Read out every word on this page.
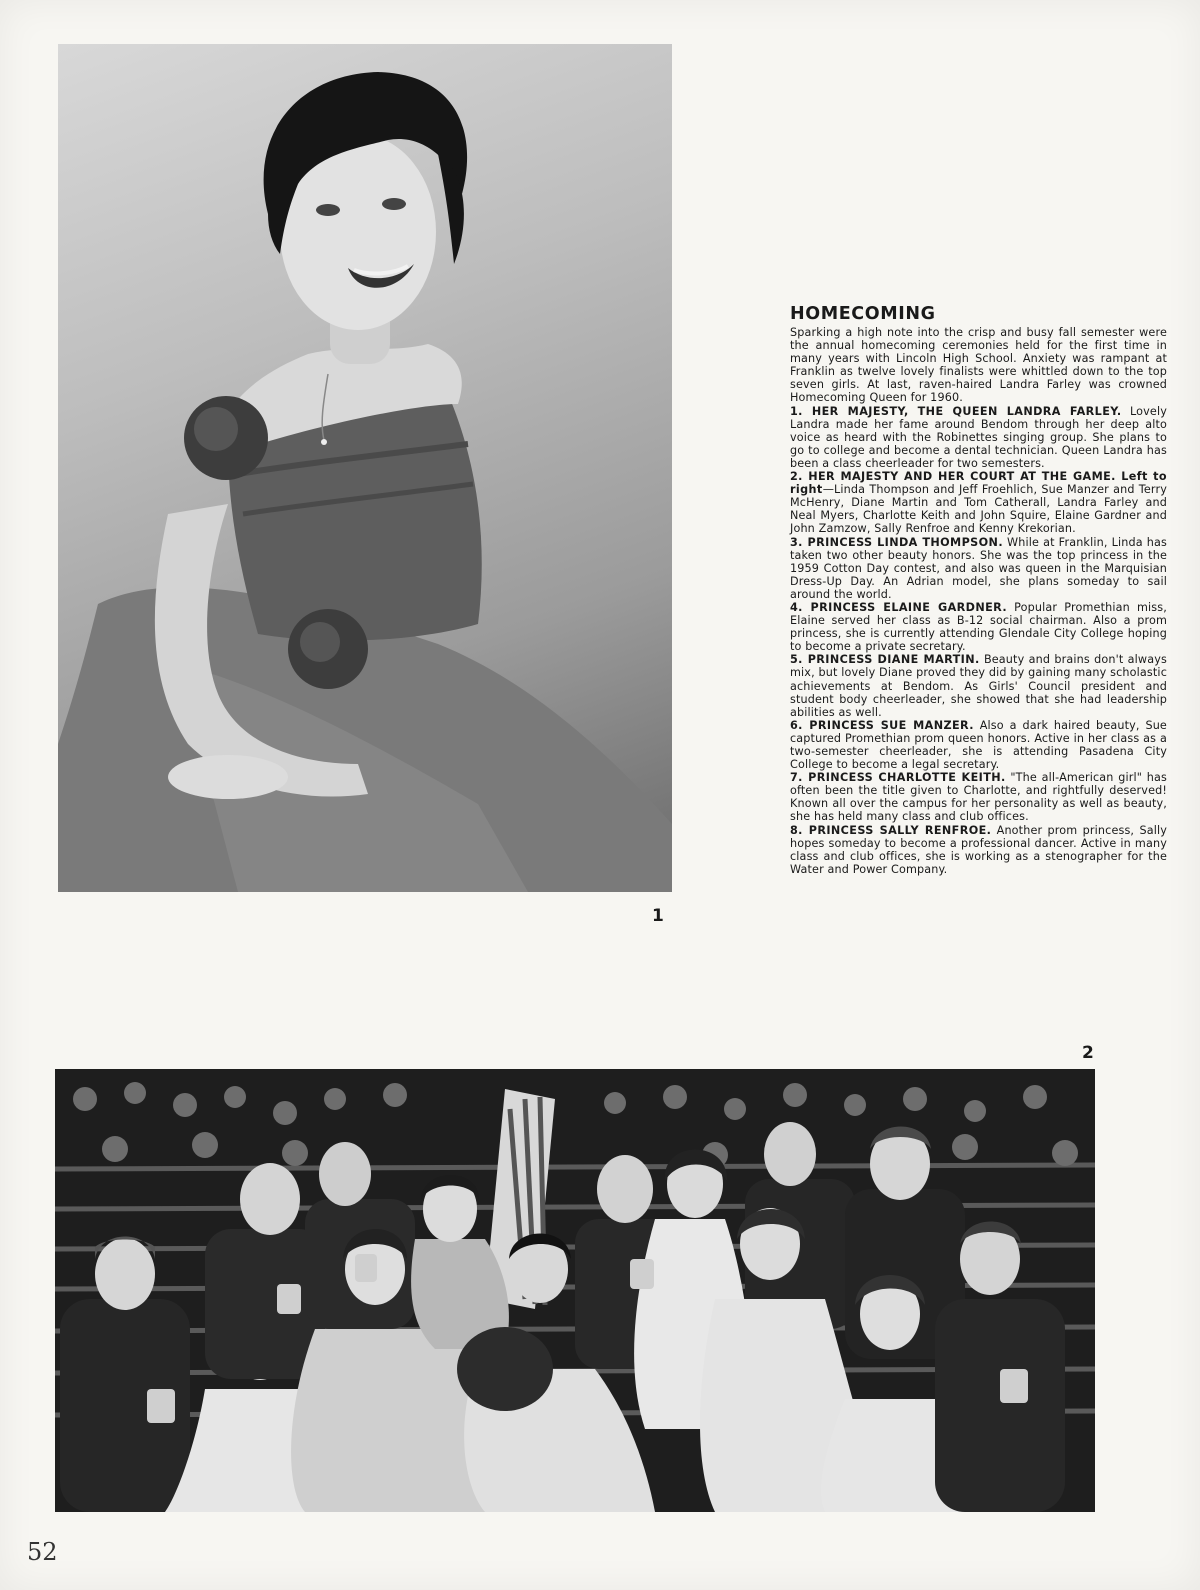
1
HOMECOMING

Sparking a high note into the crisp and busy fall semester were the annual homecoming ceremonies held for the first time in many years with Lincoln High School. Anxiety was rampant at Franklin as twelve lovely finalists were whittled down to the top seven girls. At last, raven-haired Landra Farley was crowned Homecoming Queen for 1960.
1. HER MAJESTY, THE QUEEN LANDRA FARLEY. Lovely Landra made her fame around Bendom through her deep alto voice as heard with the Robinettes singing group. She plans to go to college and become a dental technician. Queen Landra has been a class cheerleader for two semesters.
2. HER MAJESTY AND HER COURT AT THE GAME. Left to right—Linda Thompson and Jeff Froehlich, Sue Manzer and Terry McHenry, Diane Martin and Tom Catherall, Landra Farley and Neal Myers, Charlotte Keith and John Squire, Elaine Gardner and John Zamzow, Sally Renfroe and Kenny Krekorian.
3. PRINCESS LINDA THOMPSON. While at Franklin, Linda has taken two other beauty honors. She was the top princess in the 1959 Cotton Day contest, and also was queen in the Marquisian Dress-Up Day. An Adrian model, she plans someday to sail around the world.
4. PRINCESS ELAINE GARDNER. Popular Promethian miss, Elaine served her class as B-12 social chairman. Also a prom princess, she is currently attending Glendale City College hoping to become a private secretary.
5. PRINCESS DIANE MARTIN. Beauty and brains don't always mix, but lovely Diane proved they did by gaining many scholastic achievements at Bendom. As Girls' Council president and student body cheerleader, she showed that she had leadership abilities as well.
6. PRINCESS SUE MANZER. Also a dark haired beauty, Sue captured Promethian prom queen honors. Active in her class as a two-semester cheerleader, she is attending Pasadena City College to become a legal secretary.
7. PRINCESS CHARLOTTE KEITH. "The all-American girl" has often been the title given to Charlotte, and rightfully deserved! Known all over the campus for her personality as well as beauty, she has held many class and club offices.
8. PRINCESS SALLY RENFROE. Another prom princess, Sally hopes someday to become a professional dancer. Active in many class and club offices, she is working as a stenographer for the Water and Power Company.

2
52
